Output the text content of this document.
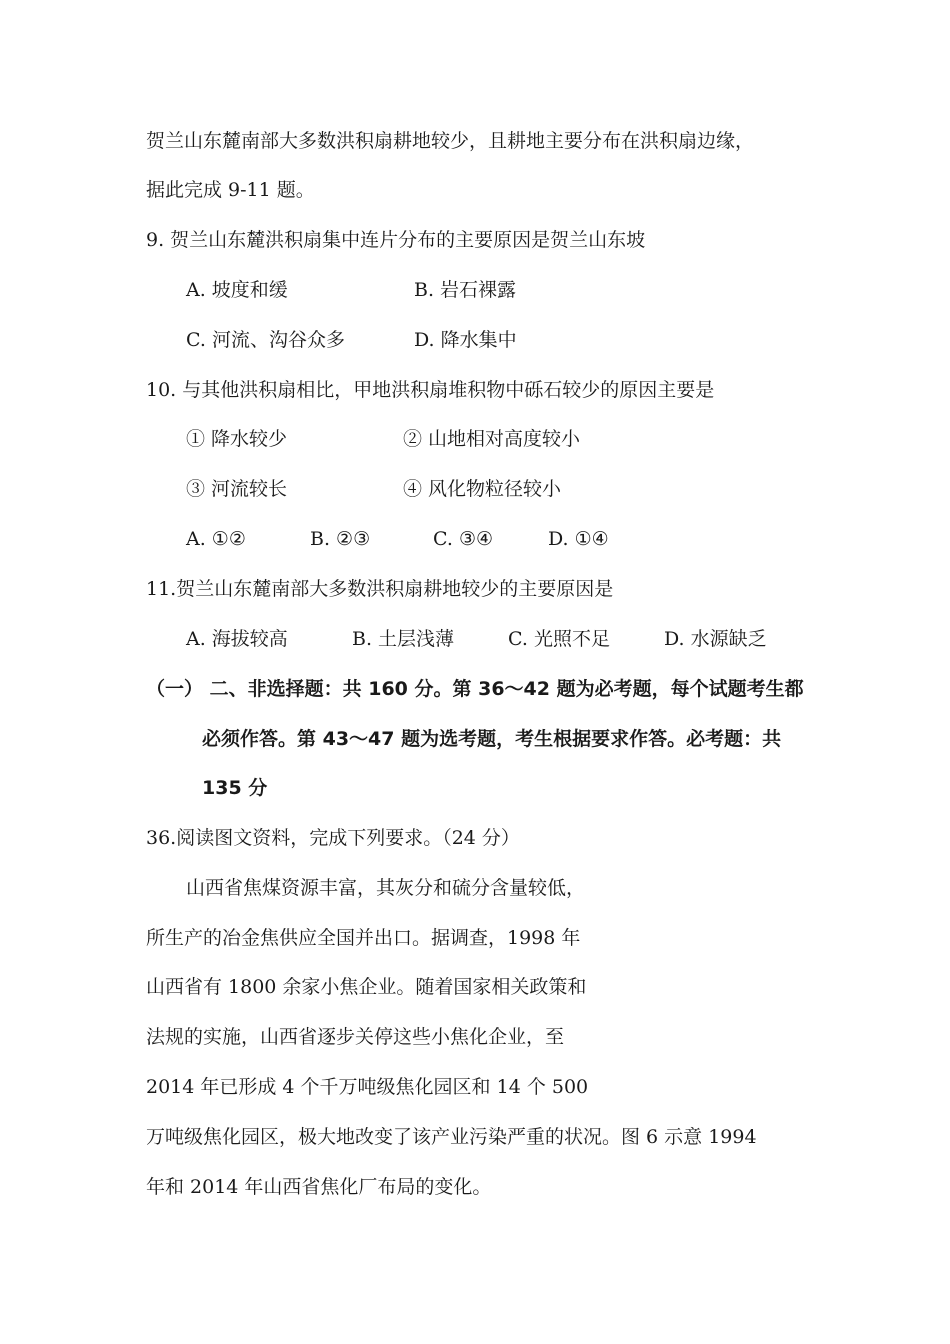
贺兰山东麓南部大多数洪积扇耕地较少，且耕地主要分布在洪积扇边缘，
据此完成 9-11 题。
9. 贺兰山东麓洪积扇集中连片分布的主要原因是贺兰山东坡
A. 坡度和缓	B. 岩石裸露
C. 河流、沟谷众多	D. 降水集中
10. 与其他洪积扇相比，甲地洪积扇堆积物中砾石较少的原因主要是
① 降水较少	② 山地相对高度较小
③ 河流较长	④ 风化物粒径较小
A. ①②	B. ②③	C. ③④	D. ①④
11.贺兰山东麓南部大多数洪积扇耕地较少的主要原因是
A. 海拔较高	B. 土层浅薄	C. 光照不足	D. 水源缺乏
（一） 二、非选择题：共 160 分。第 36～42 题为必考题，每个试题考生都
必须作答。第 43～47 题为选考题，考生根据要求作答。必考题：共
135 分
36.阅读图文资料，完成下列要求。（24 分）
山西省焦煤资源丰富，其灰分和硫分含量较低，
所生产的冶金焦供应全国并出口。据调查，1998 年
山西省有 1800 余家小焦企业。随着国家相关政策和
法规的实施，山西省逐步关停这些小焦化企业，至
2014 年已形成 4 个千万吨级焦化园区和 14 个 500
万吨级焦化园区，极大地改变了该产业污染严重的状况。图 6 示意 1994
年和 2014 年山西省焦化厂布局的变化。
